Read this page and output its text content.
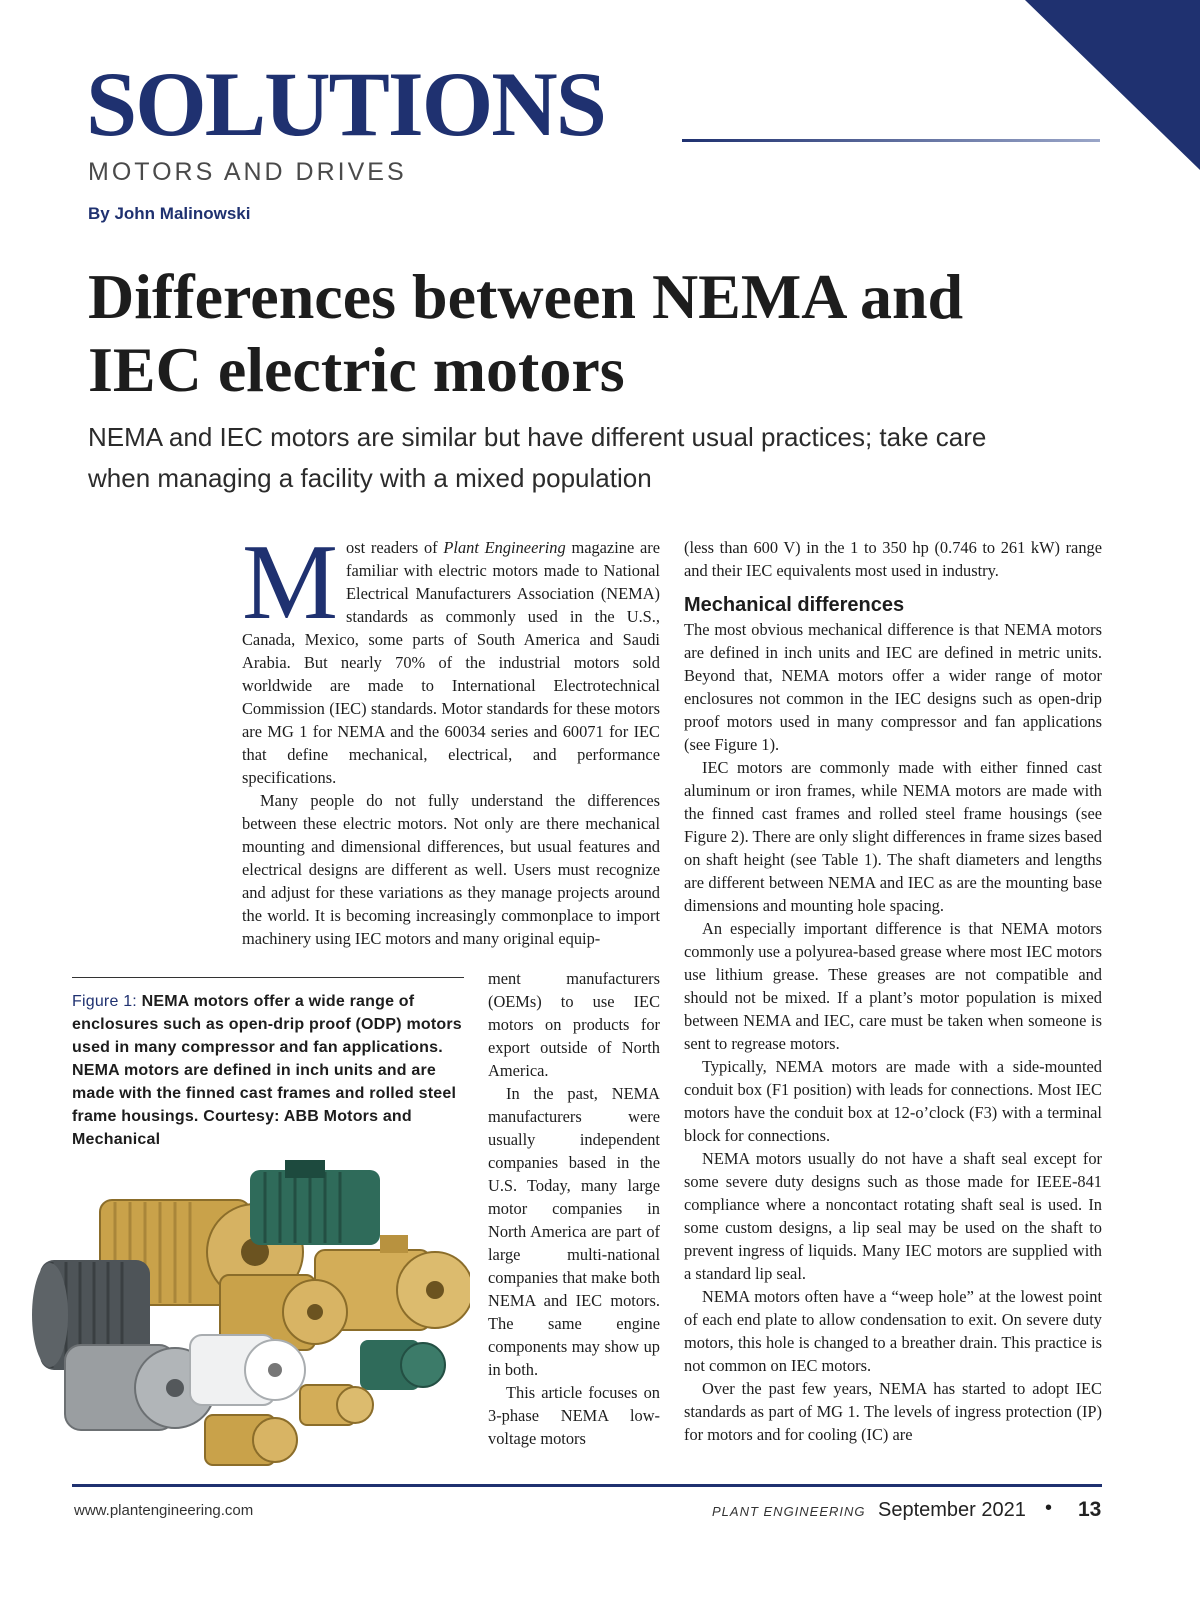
SOLUTIONS
MOTORS AND DRIVES
By John Malinowski
Differences between NEMA and IEC electric motors

NEMA and IEC motors are similar but have different usual practices; take care when managing a facility with a mixed population

M ost readers of Plant Engineering magazine are familiar with electric motors made to National Electrical Manufacturers Association (NEMA) standards as commonly used in the U.S., Canada, Mexico, some parts of South America and Saudi Arabia. But nearly 70% of the industrial motors sold worldwide are made to International Electrotechnical Commission (IEC) standards. Motor standards for these motors are MG 1 for NEMA and the 60034 series and 60071 for IEC that define mechanical, electrical, and performance specifications.

Many people do not fully understand the differences between these electric motors. Not only are there mechanical mounting and dimensional differences, but usual features and electrical designs are different as well. Users must recognize and adjust for these variations as they manage projects around the world. It is becoming increasingly commonplace to import machinery using IEC motors and many original equip-

ment manufacturers (OEMs) to use IEC motors on products for export outside of North America.

In the past, NEMA manufacturers were usually independent companies based in the U.S. Today, many large motor companies in North America are part of large multi-national companies that make both NEMA and IEC motors. The same engine components may show up in both.

This article focuses on 3-phase NEMA low-voltage motors

(less than 600 V) in the 1 to 350 hp (0.746 to 261 kW) range and their IEC equivalents most used in industry.

Mechanical differences

The most obvious mechanical difference is that NEMA motors are defined in inch units and IEC are defined in metric units. Beyond that, NEMA motors offer a wider range of motor enclosures not common in the IEC designs such as open-drip proof motors used in many compressor and fan applications (see Figure 1).

IEC motors are commonly made with either finned cast aluminum or iron frames, while NEMA motors are made with the finned cast frames and rolled steel frame housings (see Figure 2). There are only slight differences in frame sizes based on shaft height (see Table 1). The shaft diameters and lengths are different between NEMA and IEC as are the mounting base dimensions and mounting hole spacing.

An especially important difference is that NEMA motors commonly use a polyurea-based grease where most IEC motors use lithium grease. These greases are not compatible and should not be mixed. If a plant’s motor population is mixed between NEMA and IEC, care must be taken when someone is sent to regrease motors.

Typically, NEMA motors are made with a side-mounted conduit box (F1 position) with leads for connections. Most IEC motors have the conduit box at 12-o’clock (F3) with a terminal block for connections.

NEMA motors usually do not have a shaft seal except for some severe duty designs such as those made for IEEE-841 compliance where a noncontact rotating shaft seal is used. In some custom designs, a lip seal may be used on the shaft to prevent ingress of liquids. Many IEC motors are supplied with a standard lip seal.

NEMA motors often have a “weep hole” at the lowest point of each end plate to allow condensation to exit. On severe duty motors, this hole is changed to a breather drain. This practice is not common on IEC motors.

Over the past few years, NEMA has started to adopt IEC standards as part of MG 1. The levels of ingress protection (IP) for motors and for cooling (IC) are

Figure 1: NEMA motors offer a wide range of enclosures such as open-drip proof (ODP) motors used in many compressor and fan applications. NEMA motors are defined in inch units and are made with the finned cast frames and rolled steel frame housings. Courtesy: ABB Motors and Mechanical
www.plantengineering.com	PLANT ENGINEERING September 2021 • 13
